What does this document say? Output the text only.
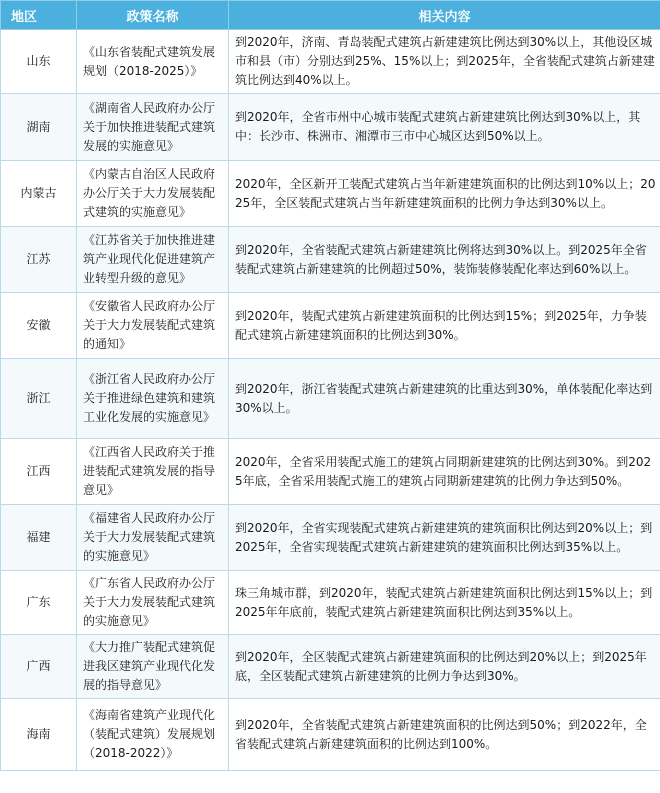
地区	政策名称	相关内容
山东	《山东省装配式建筑发展规划（2018-2025）》	到2020年，济南、青岛装配式建筑占新建建筑比例达到30%以上，其他设区城市和县（市）分别达到25%、15%以上；到2025年，全省装配式建筑占新建建筑比例达到40%以上。
湖南	《湖南省人民政府办公厅关于加快推进装配式建筑发展的实施意见》	到2020年，全省市州中心城市装配式建筑占新建建筑比例达到30%以上，其中：长沙市、株洲市、湘潭市三市中心城区达到50%以上。
内蒙古	《内蒙古自治区人民政府办公厅关于大力发展装配式建筑的实施意见》	2020年，全区新开工装配式建筑占当年新建建筑面积的比例达到10%以上；2025年，全区装配式建筑占当年新建建筑面积的比例力争达到30%以上。
江苏	《江苏省关于加快推进建筑产业现代化促进建筑产业转型升级的意见》	到2020年，全省装配式建筑占新建建筑比例将达到30%以上。到2025年全省装配式建筑占新建建筑的比例超过50%，装饰装修装配化率达到60%以上。
安徽	《安徽省人民政府办公厅关于大力发展装配式建筑的通知》	到2020年，装配式建筑占新建建筑面积的比例达到15%；到2025年，力争装配式建筑占新建建筑面积的比例达到30%。
浙江	《浙江省人民政府办公厅关于推进绿色建筑和建筑工业化发展的实施意见》	到2020年，浙江省装配式建筑占新建建筑的比重达到30%，单体装配化率达到30%以上。
江西	《江西省人民政府关于推进装配式建筑发展的指导意见》	2020年，全省采用装配式施工的建筑占同期新建建筑的比例达到30%。到2025年底，全省采用装配式施工的建筑占同期新建建筑的比例力争达到50%。
福建	《福建省人民政府办公厅关于大力发展装配式建筑的实施意见》	到2020年，全省实现装配式建筑占新建建筑的建筑面积比例达到20%以上；到2025年，全省实现装配式建筑占新建建筑的建筑面积比例达到35%以上。
广东	《广东省人民政府办公厅关于大力发展装配式建筑的实施意见》	珠三角城市群，到2020年，装配式建筑占新建建筑面积比例达到15%以上；到2025年年底前，装配式建筑占新建建筑面积比例达到35%以上。
广西	《大力推广装配式建筑促进我区建筑产业现代化发展的指导意见》	到2020年，全区装配式建筑占新建建筑面积的比例达到20%以上；到2025年底，全区装配式建筑占新建建筑的比例力争达到30%。
海南	《海南省建筑产业现代化（装配式建筑）发展规划（2018-2022）》	到2020年，全省装配式建筑占新建建筑面积的比例达到50%；到2022年，全省装配式建筑占新建建筑面积的比例达到100%。
